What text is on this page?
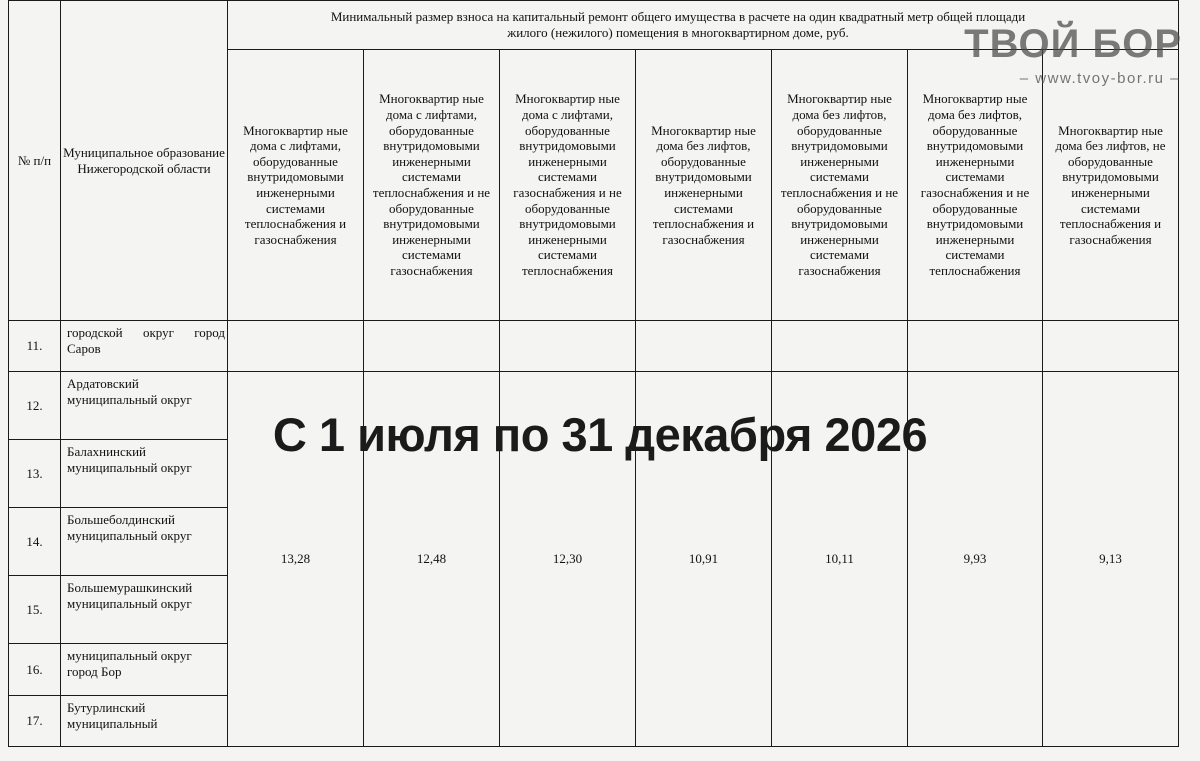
№ п/п	Муниципальное образование Нижегородской области	Минимальный размер взноса на капитальный ремонт общего имущества в расчете на один квадратный метр общей площади жилого (нежилого) помещения в многоквартирном доме, руб.						
		Многоквартир ные дома с лифтами, оборудованные внутридомовыми инженерными системами теплоснабжения и газоснабжения	Многоквартир ные дома с лифтами, оборудованные внутридомовыми инженерными системами теплоснабжения и не оборудованные внутридомовыми инженерными системами газоснабжения	Многоквартир ные дома с лифтами, оборудованные внутридомовыми инженерными системами газоснабжения и не оборудованные внутридомовыми инженерными системами теплоснабжения	Многоквартир ные дома без лифтов, оборудованные внутридомовыми инженерными системами теплоснабжения и газоснабжения	Многоквартир ные дома без лифтов, оборудованные внутридомовыми инженерными системами теплоснабжения и не оборудованные внутридомовыми инженерными системами газоснабжения	Многоквартир ные дома без лифтов, оборудованные внутридомовыми инженерными системами газоснабжения и не оборудованные внутридомовыми инженерными системами теплоснабжения	Многоквартир ные дома без лифтов, не оборудованные внутридомовыми инженерными системами теплоснабжения и газоснабжения
11.	городской округ город Саров							
12.	Ардатовский муниципальный округ	13,28	12,48	12,30	10,91	10,11	9,93	9,13
13.	Балахнинский муниципальный округ							
14.	Большеболдинский муниципальный округ							
15.	Большемурашкинский муниципальный округ							
16.	муниципальный округ город Бор							
17.	Бутурлинский муниципальный							
С 1 июля по 31 декабря 2026
ТВОЙ БОР
– www.tvoy-bor.ru –
